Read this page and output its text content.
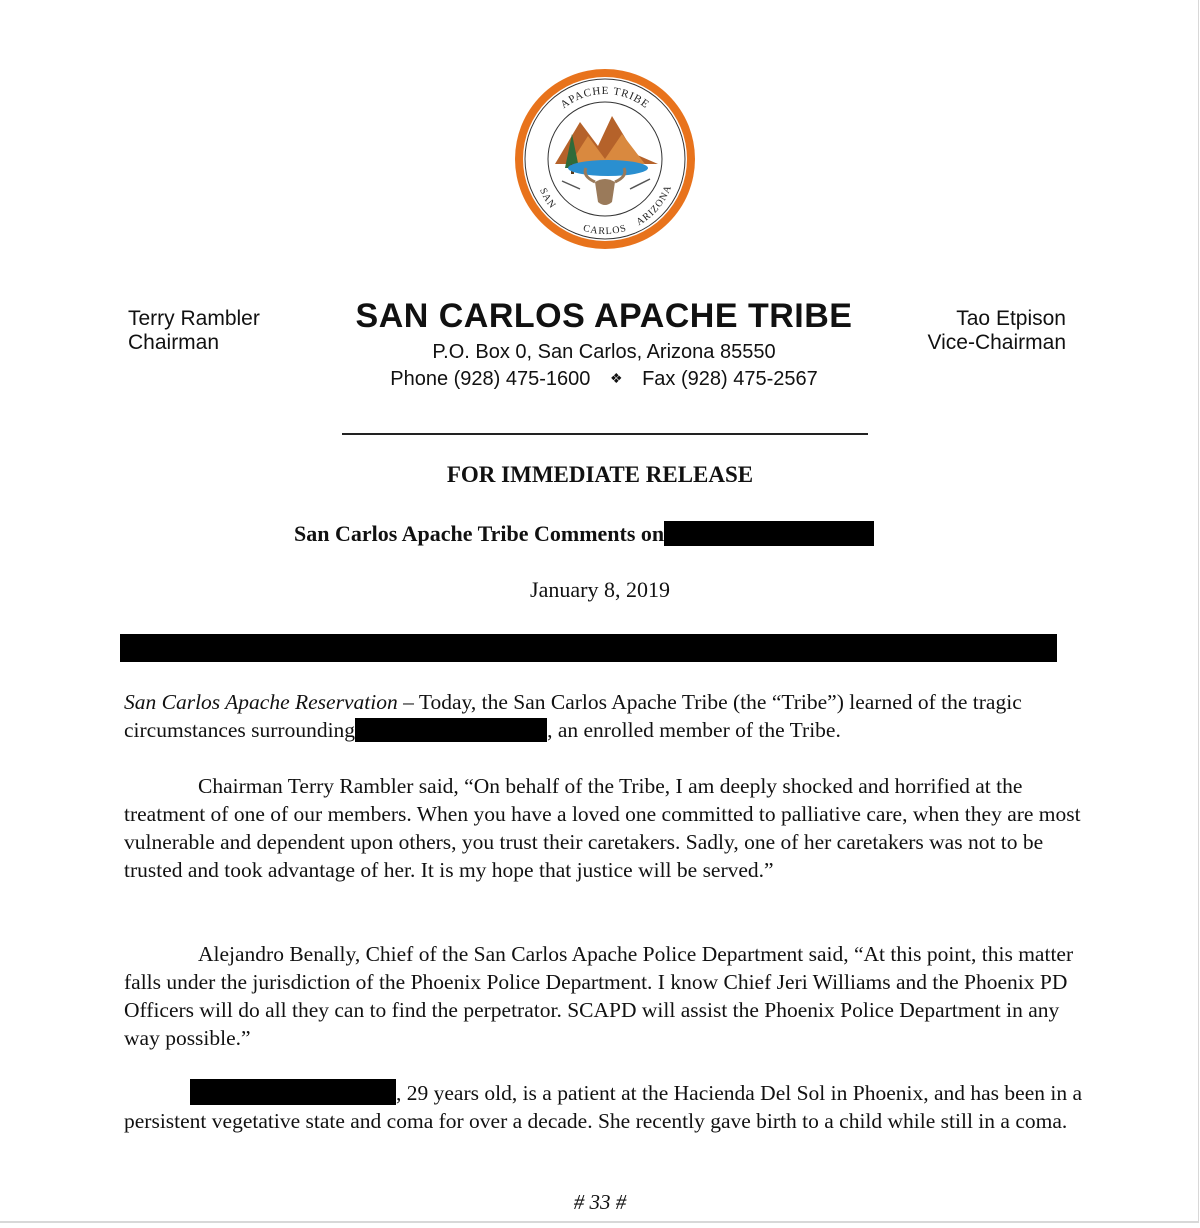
APACHE TRIBE
SAN
CARLOS
ARIZONA
Terry Rambler
Chairman
Tao Etpison
Vice-Chairman
SAN CARLOS APACHE TRIBE
P.O. Box 0, San Carlos, Arizona 85550
Phone (928) 475-1600 ❖ Fax (928) 475-2567
FOR IMMEDIATE RELEASE
San Carlos Apache Tribe Comments on
January 8, 2019
San Carlos Apache Reservation – Today, the San Carlos Apache Tribe (the “Tribe”) learned of the tragic circumstances surrounding	, an enrolled member of the Tribe.
Chairman Terry Rambler said, “On behalf of the Tribe, I am deeply shocked and horrified at the treatment of one of our members. When you have a loved one committed to palliative care, when they are most vulnerable and dependent upon others, you trust their caretakers. Sadly, one of her caretakers was not to be trusted and took advantage of her. It is my hope that justice will be served.”
Alejandro Benally, Chief of the San Carlos Apache Police Department said, “At this point, this matter falls under the jurisdiction of the Phoenix Police Department. I know Chief Jeri Williams and the Phoenix PD Officers will do all they can to find the perpetrator. SCAPD will assist the Phoenix Police Department in any way possible.”
, 29 years old, is a patient at the Hacienda Del Sol in Phoenix, and has been in a persistent vegetative state and coma for over a decade. She recently gave birth to a child while still in a coma.
# 33 #
